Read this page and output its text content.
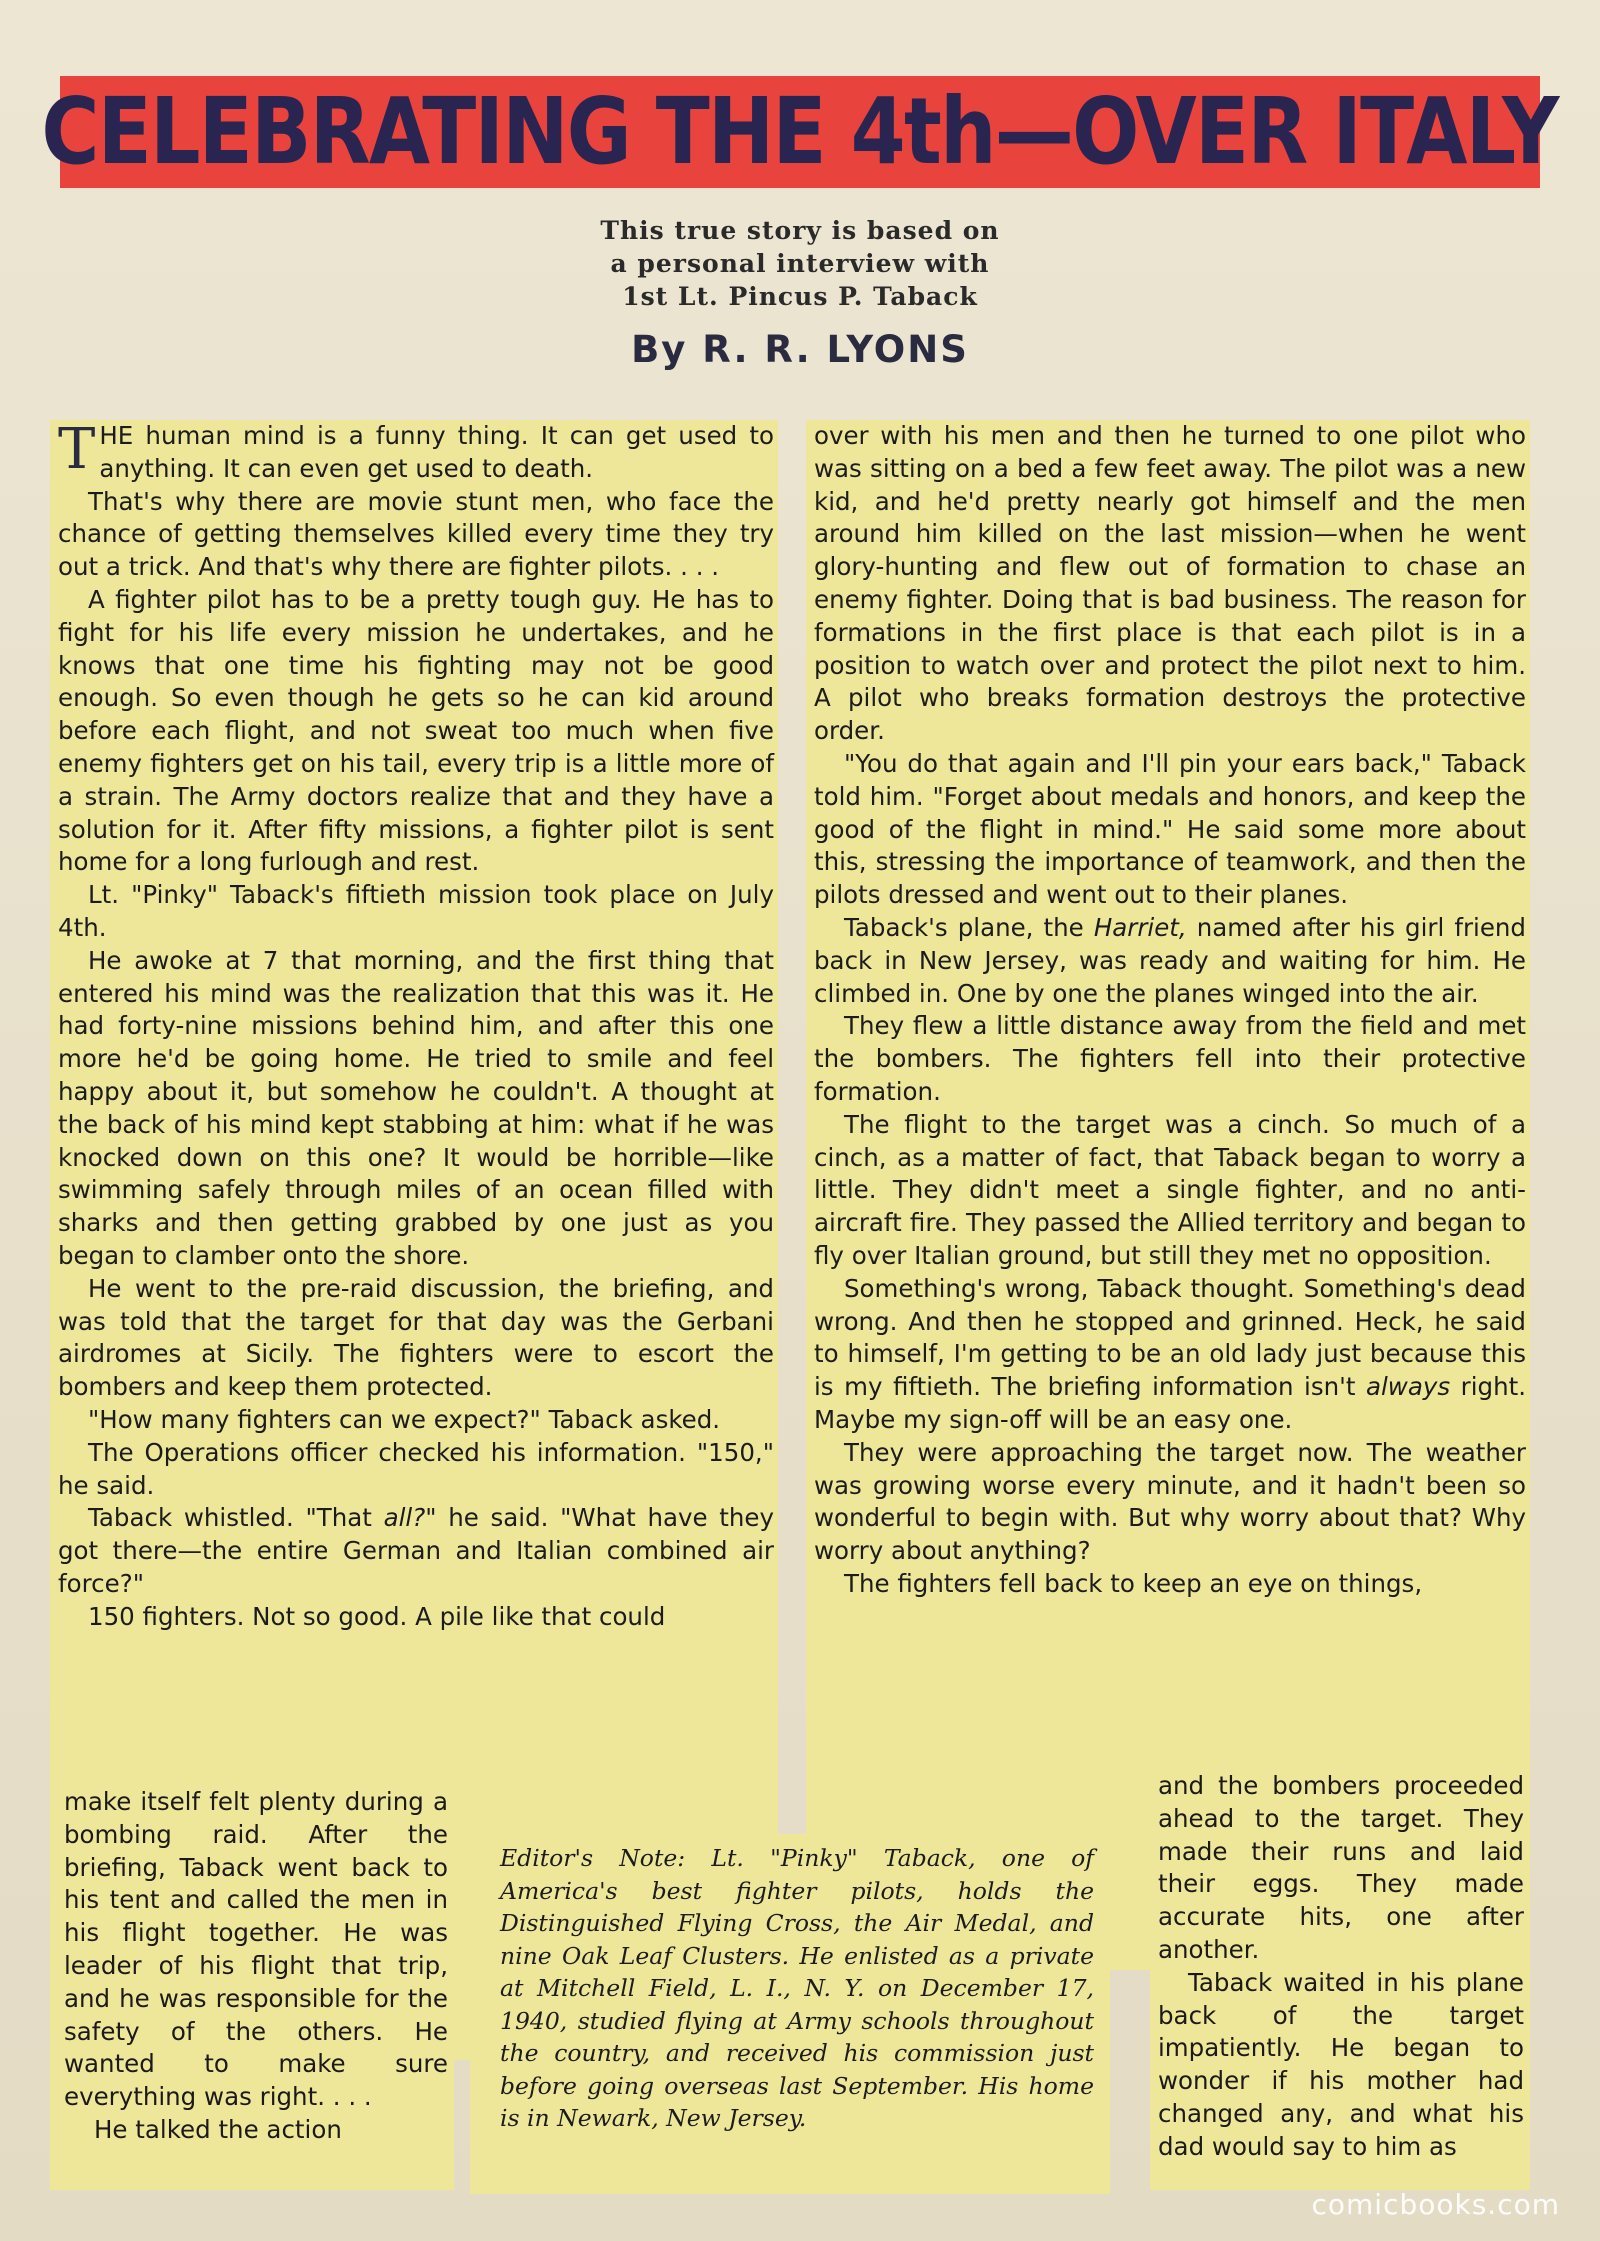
CELEBRATING THE 4th—OVER ITALY
This true story is based on
a personal interview with
1st Lt. Pincus P. Taback
By R. R. LYONS

THE human mind is a funny thing. It can get used to anything. It can even get used to death.

That's why there are movie stunt men, who face the chance of getting themselves killed every time they try out a trick. And that's why there are fighter pilots. . . .

A fighter pilot has to be a pretty tough guy. He has to fight for his life every mission he undertakes, and he knows that one time his fighting may not be good enough. So even though he gets so he can kid around before each flight, and not sweat too much when five enemy fighters get on his tail, every trip is a little more of a strain. The Army doctors realize that and they have a solution for it. After fifty missions, a fighter pilot is sent home for a long furlough and rest.

Lt. "Pinky" Taback's fiftieth mission took place on July 4th.

He awoke at 7 that morning, and the first thing that entered his mind was the realization that this was it. He had forty-nine missions behind him, and after this one more he'd be going home. He tried to smile and feel happy about it, but somehow he couldn't. A thought at the back of his mind kept stabbing at him: what if he was knocked down on this one? It would be horrible—like swimming safely through miles of an ocean filled with sharks and then getting grabbed by one just as you began to clamber onto the shore.

He went to the pre-raid discussion, the briefing, and was told that the target for that day was the Gerbani airdromes at Sicily. The fighters were to escort the bombers and keep them protected.

"How many fighters can we expect?" Taback asked.

The Operations officer checked his information. "150," he said.

Taback whistled. "That all?" he said. "What have they got there—the entire German and Italian combined air force?"

150 fighters. Not so good. A pile like that could

make itself felt plenty during a bombing raid. After the briefing, Taback went back to his tent and called the men in his flight together. He was leader of his flight that trip, and he was responsible for the safety of the others. He wanted to make sure everything was right. . . .

He talked the action

over with his men and then he turned to one pilot who was sitting on a bed a few feet away. The pilot was a new kid, and he'd pretty nearly got himself and the men around him killed on the last mission—when he went glory-hunting and flew out of formation to chase an enemy fighter. Doing that is bad business. The reason for formations in the first place is that each pilot is in a position to watch over and protect the pilot next to him. A pilot who breaks formation destroys the protective order.

"You do that again and I'll pin your ears back," Taback told him. "Forget about medals and honors, and keep the good of the flight in mind." He said some more about this, stressing the importance of teamwork, and then the pilots dressed and went out to their planes.

Taback's plane, the Harriet, named after his girl friend back in New Jersey, was ready and waiting for him. He climbed in. One by one the planes winged into the air.

They flew a little distance away from the field and met the bombers. The fighters fell into their protective formation.

The flight to the target was a cinch. So much of a cinch, as a matter of fact, that Taback began to worry a little. They didn't meet a single fighter, and no anti-aircraft fire. They passed the Allied territory and began to fly over Italian ground, but still they met no opposition.

Something's wrong, Taback thought. Something's dead wrong. And then he stopped and grinned. Heck, he said to himself, I'm getting to be an old lady just because this is my fiftieth. The briefing information isn't always right. Maybe my sign-off will be an easy one.

They were approaching the target now. The weather was growing worse every minute, and it hadn't been so wonderful to begin with. But why worry about that? Why worry about anything?

The fighters fell back to keep an eye on things,

and the bombers proceeded ahead to the target. They made their runs and laid their eggs. They made accurate hits, one after another.

Taback waited in his plane back of the target impatiently. He began to wonder if his mother had changed any, and what his dad would say to him as

Editor's Note: Lt. "Pinky" Taback, one of America's best fighter pilots, holds the Distinguished Flying Cross, the Air Medal, and nine Oak Leaf Clusters. He enlisted as a private at Mitchell Field, L. I., N. Y. on December 17, 1940, studied flying at Army schools throughout the country, and received his commission just before going overseas last September. His home is in Newark, New Jersey.
comicbooks.com
